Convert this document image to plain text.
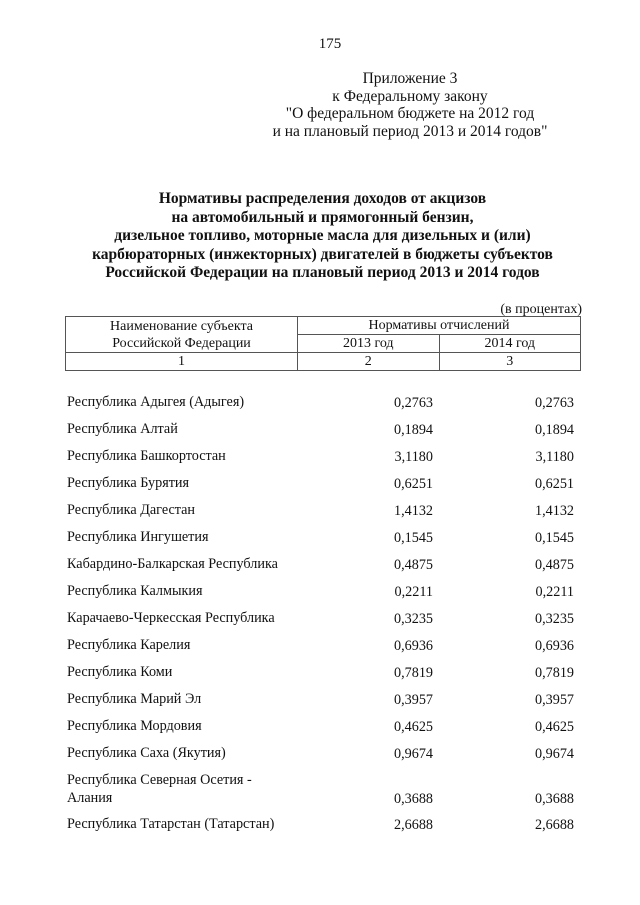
175
Приложение 3
к Федеральному закону
"О федеральном бюджете на 2012 год
и на плановый период 2013 и 2014 годов"
Нормативы распределения доходов от акцизов
на автомобильный и прямогонный бензин,
дизельное топливо, моторные масла для дизельных и (или)
карбюраторных (инжекторных) двигателей в бюджеты субъектов
Российской Федерации на плановый период 2013 и 2014 годов
(в процентах)
Наименование субъекта
Российской Федерации	Нормативы отчислений	
	2013 год	2014 год
1	2	3
Республика Адыгея (Адыгея)	0,2763	0,2763
Республика Алтай	0,1894	0,1894
Республика Башкортостан	3,1180	3,1180
Республика Бурятия	0,6251	0,6251
Республика Дагестан	1,4132	1,4132
Республика Ингушетия	0,1545	0,1545
Кабардино-Балкарская Республика	0,4875	0,4875
Республика Калмыкия	0,2211	0,2211
Карачаево-Черкесская Республика	0,3235	0,3235
Республика Карелия	0,6936	0,6936
Республика Коми	0,7819	0,7819
Республика Марий Эл	0,3957	0,3957
Республика Мордовия	0,4625	0,4625
Республика Саха (Якутия)	0,9674	0,9674
Республика Северная Осетия -
Алания	0,3688	0,3688
Республика Татарстан (Татарстан)	2,6688	2,6688
